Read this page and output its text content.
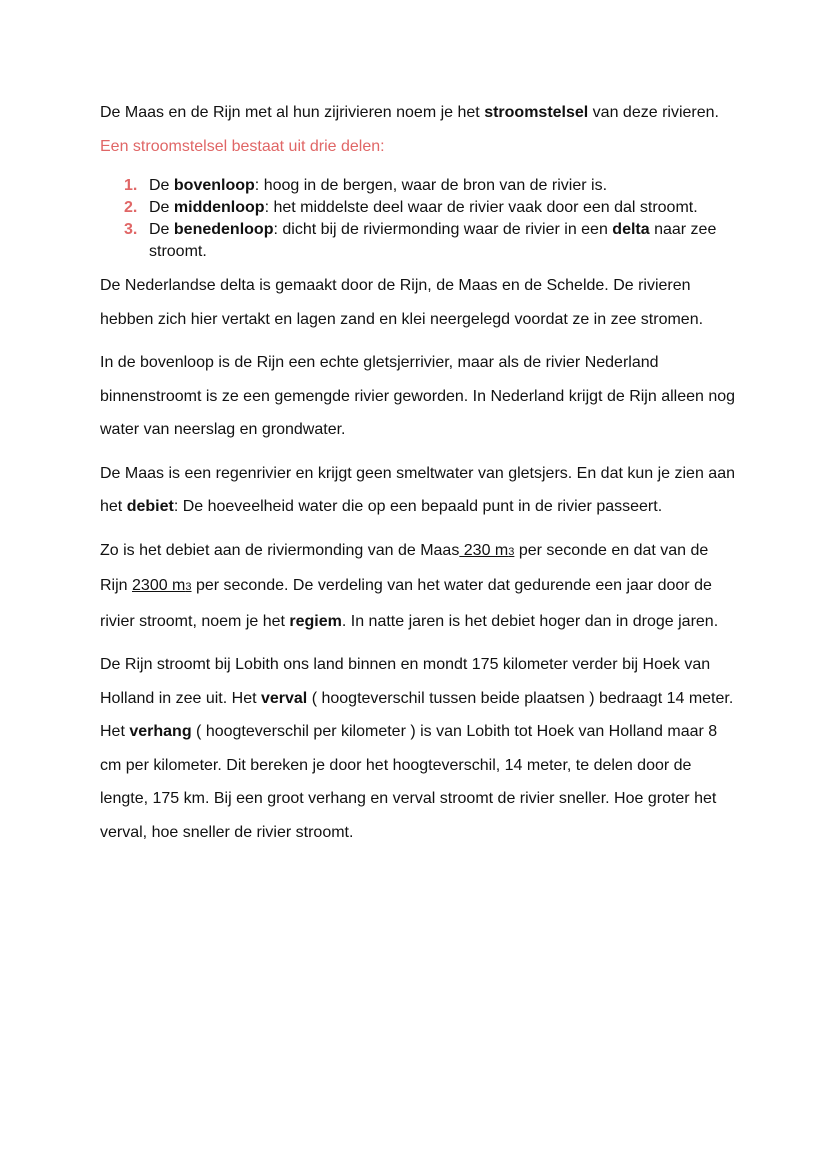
De Maas en de Rijn met al hun zijrivieren noem je het stroomstelsel van deze rivieren. Een stroomstelsel bestaat uit drie delen:

1. De bovenloop: hoog in de bergen, waar de bron van de rivier is.
2. De middenloop: het middelste deel waar de rivier vaak door een dal stroomt.
3. De benedenloop: dicht bij de riviermonding waar de rivier in een delta naar zee stroomt.

De Nederlandse delta is gemaakt door de Rijn, de Maas en de Schelde. De rivieren hebben zich hier vertakt en lagen zand en klei neergelegd voordat ze in zee stromen.

In de bovenloop is de Rijn een echte gletsjerrivier, maar als de rivier Nederland binnenstroomt is ze een gemengde rivier geworden. In Nederland krijgt de Rijn alleen nog water van neerslag en grondwater.

De Maas is een regenrivier en krijgt geen smeltwater van gletsjers. En dat kun je zien aan het debiet: De hoeveelheid water die op een bepaald punt in de rivier passeert.

Zo is het debiet aan de riviermonding van de Maas 230 m3 per seconde en dat van de Rijn 2300 m3 per seconde. De verdeling van het water dat gedurende een jaar door de rivier stroomt, noem je het regiem. In natte jaren is het debiet hoger dan in droge jaren.

De Rijn stroomt bij Lobith ons land binnen en mondt 175 kilometer verder bij Hoek van Holland in zee uit. Het verval ( hoogteverschil tussen beide plaatsen ) bedraagt 14 meter. Het verhang ( hoogteverschil per kilometer ) is van Lobith tot Hoek van Holland maar 8 cm per kilometer. Dit bereken je door het hoogteverschil, 14 meter, te delen door de lengte, 175 km. Bij een groot verhang en verval stroomt de rivier sneller. Hoe groter het verval, hoe sneller de rivier stroomt.
